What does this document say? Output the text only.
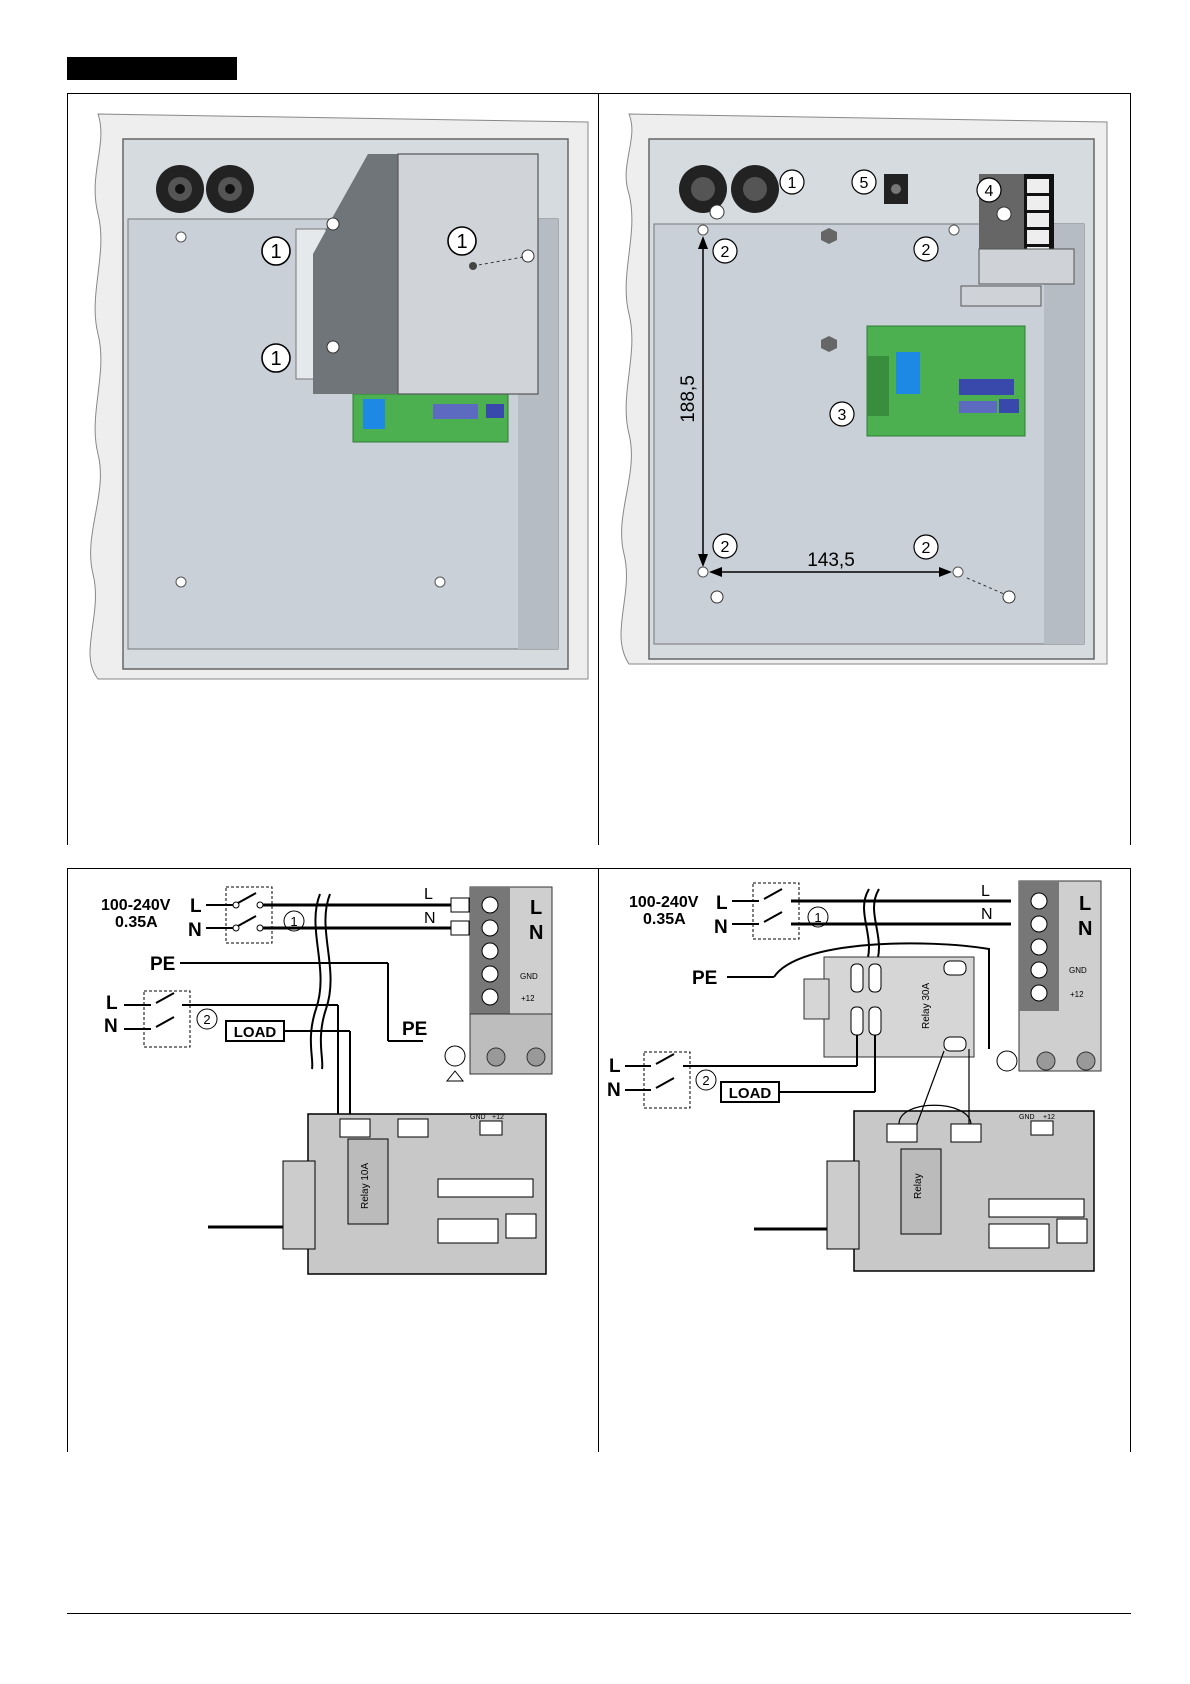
1
1
1
188,5
143,5
1
2	2
2	2
3
4
5
100-240V
0.35A
L
N	1
L
N
PE
PE
L
N	2
LOAD
L
N
GND
+12
GND +12
Relay 10A
100-240V
0.35A
L
N	1
L
N
PE
Relay 30A
L
N	2
LOAD
L
N
GND
+12
GND +12
Relay
